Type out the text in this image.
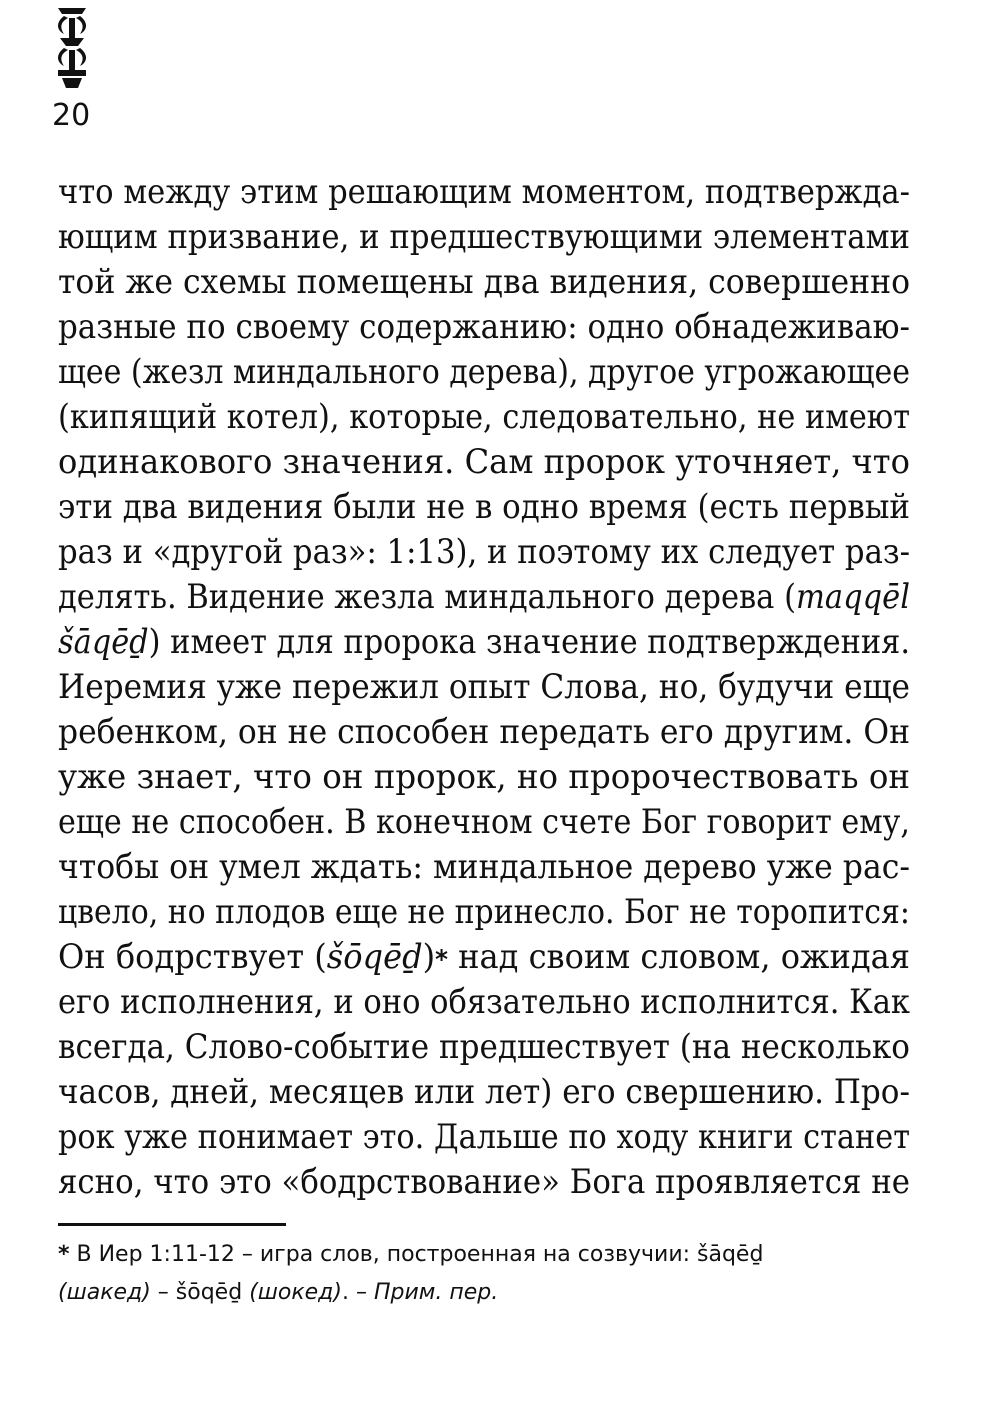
20
что между этим решающим моментом, подтвержда-
ющим призвание, и предшествующими элементами
той же схемы помещены два видения, совершенно
разные по своему содержанию: одно обнадеживаю-
щее (жезл миндального дерева), другое угрожающее
(кипящий котел), которые, следовательно, не имеют
одинакового значения. Сам пророк уточняет, что
эти два видения были не в одно время (есть первый
раз и «другой раз»: 1:13), и поэтому их следует раз-
делять. Видение жезла миндального дерева (maqqēl
šāqēḏ) имеет для пророка значение подтверждения.
Иеремия уже пережил опыт Слова, но, будучи еще
ребенком, он не способен передать его другим. Он
уже знает, что он пророк, но пророчествовать он
еще не способен. В конечном счете Бог говорит ему,
чтобы он умел ждать: миндальное дерево уже рас-
цвело, но плодов еще не принесло. Бог не торопится:
Он бодрствует (šōqēḏ)* над своим словом, ожидая
его исполнения, и оно обязательно исполнится. Как
всегда, Слово-событие предшествует (на несколько
часов, дней, месяцев или лет) его свершению. Про-
рок уже понимает это. Дальше по ходу книги станет
ясно, что это «бодрствование» Бога проявляется не
* В Иер 1:11-12 – игра слов, построенная на созвучии: šāqēḏ
(шакед) – šōqēḏ (шокед). – Прим. пер.
